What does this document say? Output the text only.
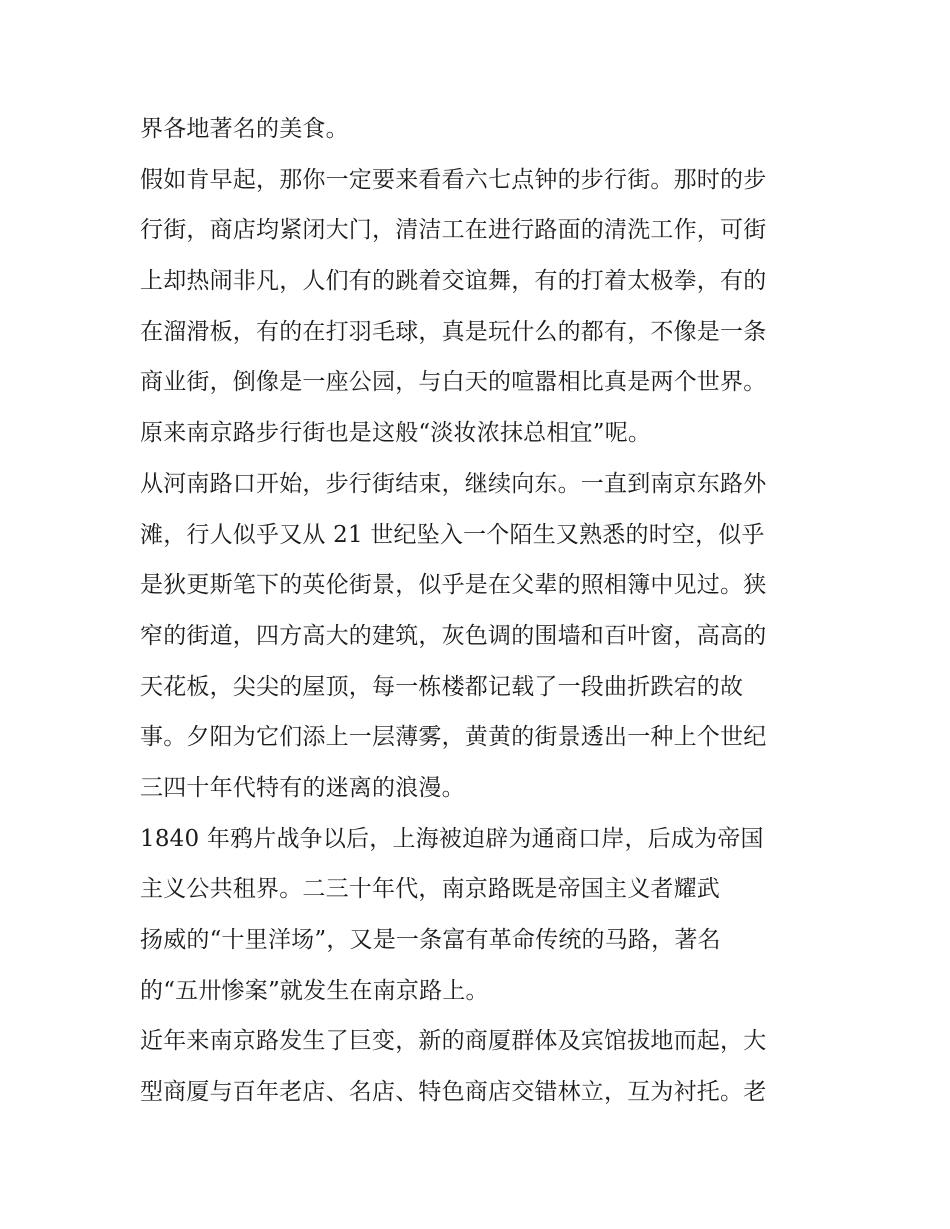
界各地著名的美食。
假如肯早起，那你一定要来看看六七点钟的步行街。那时的步
行街，商店均紧闭大门，清洁工在进行路面的清洗工作，可街
上却热闹非凡，人们有的跳着交谊舞，有的打着太极拳，有的
在溜滑板，有的在打羽毛球，真是玩什么的都有，不像是一条
商业街，倒像是一座公园，与白天的喧嚣相比真是两个世界。
原来南京路步行街也是这般“淡妆浓抹总相宜”呢。
从河南路口开始，步行街结束，继续向东。一直到南京东路外
滩，行人似乎又从 21 世纪坠入一个陌生又熟悉的时空，似乎
是狄更斯笔下的英伦街景，似乎是在父辈的照相簿中见过。狭
窄的街道，四方高大的建筑，灰色调的围墙和百叶窗，高高的
天花板，尖尖的屋顶，每一栋楼都记载了一段曲折跌宕的故
事。夕阳为它们添上一层薄雾，黄黄的街景透出一种上个世纪
三四十年代特有的迷离的浪漫。
1840 年鸦片战争以后，上海被迫辟为通商口岸，后成为帝国
主义公共租界。二三十年代，南京路既是帝国主义者耀武
扬威的“十里洋场”，又是一条富有革命传统的马路，著名
的“五卅惨案”就发生在南京路上。
近年来南京路发生了巨变，新的商厦群体及宾馆拔地而起，大
型商厦与百年老店、名店、特色商店交错林立，互为衬托。老
